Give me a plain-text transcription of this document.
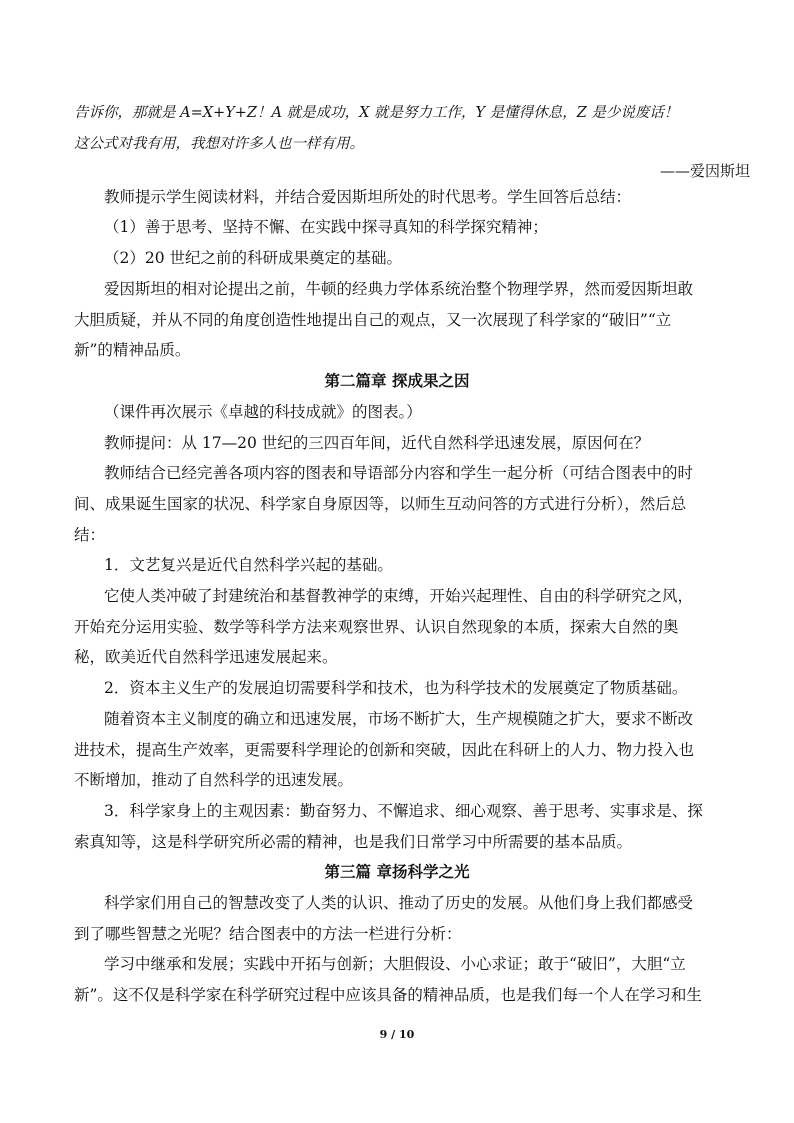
告诉你，那就是 A=X+Y+Z！A 就是成功，X 就是努力工作，Y 是懂得休息，Z 是少说废话！
这公式对我有用，我想对许多人也一样有用。
——爱因斯坦
教师提示学生阅读材料，并结合爱因斯坦所处的时代思考。学生回答后总结：
（1）善于思考、坚持不懈、在实践中探寻真知的科学探究精神；
（2）20 世纪之前的科研成果奠定的基础。
爱因斯坦的相对论提出之前，牛顿的经典力学体系统治整个物理学界，然而爱因斯坦敢
大胆质疑，并从不同的角度创造性地提出自己的观点，又一次展现了科学家的“破旧”“立
新”的精神品质。
第二篇章 探成果之因
（课件再次展示《卓越的科技成就》的图表。）
教师提问：从 17—20 世纪的三四百年间，近代自然科学迅速发展，原因何在？
教师结合已经完善各项内容的图表和导语部分内容和学生一起分析（可结合图表中的时
间、成果诞生国家的状况、科学家自身原因等，以师生互动问答的方式进行分析），然后总
结：
1．文艺复兴是近代自然科学兴起的基础。
它使人类冲破了封建统治和基督教神学的束缚，开始兴起理性、自由的科学研究之风，
开始充分运用实验、数学等科学方法来观察世界、认识自然现象的本质，探索大自然的奥
秘，欧美近代自然科学迅速发展起来。
2．资本主义生产的发展迫切需要科学和技术，也为科学技术的发展奠定了物质基础。
随着资本主义制度的确立和迅速发展，市场不断扩大，生产规模随之扩大，要求不断改
进技术，提高生产效率，更需要科学理论的创新和突破，因此在科研上的人力、物力投入也
不断增加，推动了自然科学的迅速发展。
3．科学家身上的主观因素：勤奋努力、不懈追求、细心观察、善于思考、实事求是、探
索真知等，这是科学研究所必需的精神，也是我们日常学习中所需要的基本品质。
第三篇 章扬科学之光
科学家们用自己的智慧改变了人类的认识、推动了历史的发展。从他们身上我们都感受
到了哪些智慧之光呢？结合图表中的方法一栏进行分析：
学习中继承和发展；实践中开拓与创新；大胆假设、小心求证；敢于“破旧”，大胆“立
新”。这不仅是科学家在科学研究过程中应该具备的精神品质，也是我们每一个人在学习和生
9 / 10
